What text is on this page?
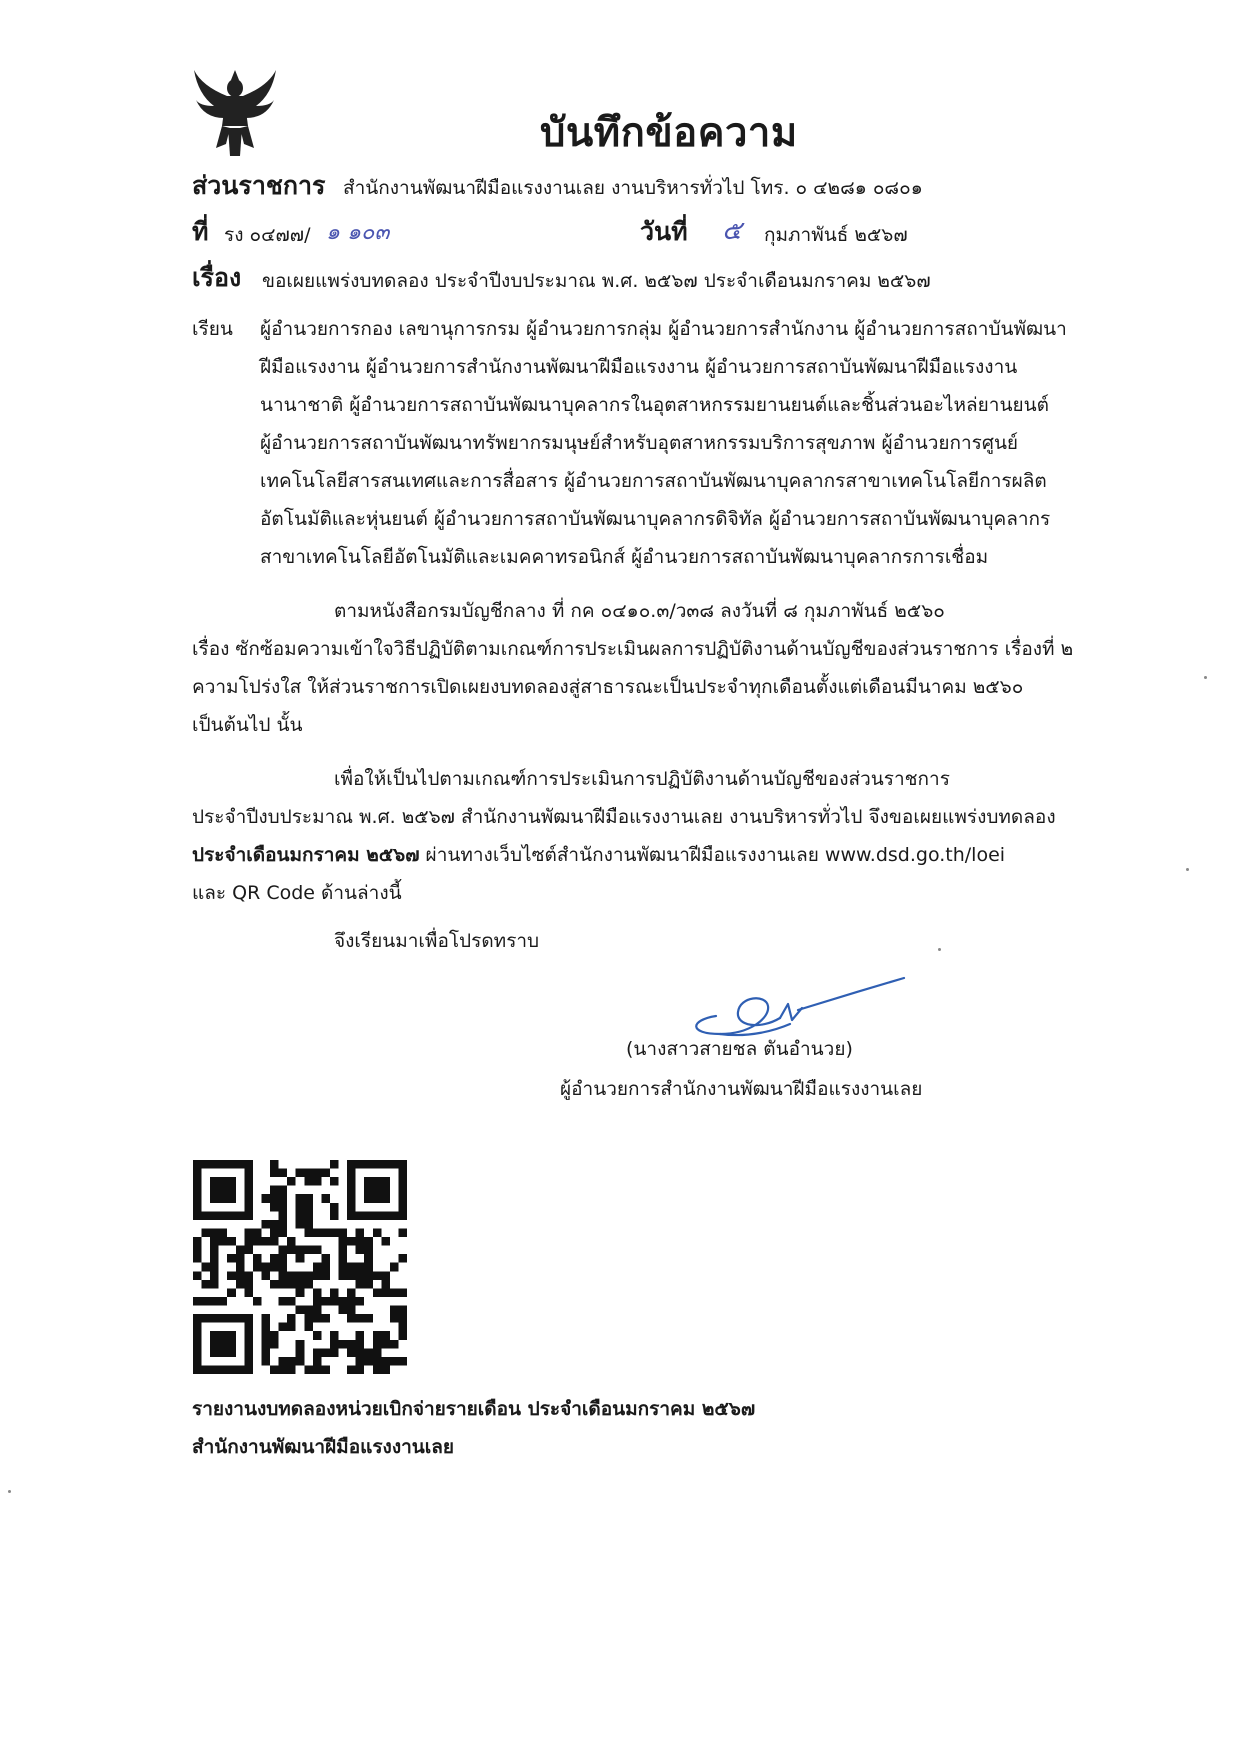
บันทึกข้อความ
ส่วนราชการ สำนักงานพัฒนาฝีมือแรงงานเลย งานบริหารทั่วไป โทร. ๐ ๔๒๘๑ ๐๘๐๑
ที่ รง ๐๔๗๗/ ๑ ๑๐๓	วันที่ ๕ กุมภาพันธ์ ๒๕๖๗
เรื่อง ขอเผยแพร่งบทดลอง ประจำปีงบประมาณ พ.ศ. ๒๕๖๗ ประจำเดือนมกราคม ๒๕๖๗
เรียน ผู้อำนวยการกอง เลขานุการกรม ผู้อำนวยการกลุ่ม ผู้อำนวยการสำนักงาน ผู้อำนวยการสถาบันพัฒนา
ฝีมือแรงงาน ผู้อำนวยการสำนักงานพัฒนาฝีมือแรงงาน ผู้อำนวยการสถาบันพัฒนาฝีมือแรงงาน
นานาชาติ ผู้อำนวยการสถาบันพัฒนาบุคลากรในอุตสาหกรรมยานยนต์และชิ้นส่วนอะไหล่ยานยนต์
ผู้อำนวยการสถาบันพัฒนาทรัพยากรมนุษย์สำหรับอุตสาหกรรมบริการสุขภาพ ผู้อำนวยการศูนย์
เทคโนโลยีสารสนเทศและการสื่อสาร ผู้อำนวยการสถาบันพัฒนาบุคลากรสาขาเทคโนโลยีการผลิต
อัตโนมัติและหุ่นยนต์ ผู้อำนวยการสถาบันพัฒนาบุคลากรดิจิทัล ผู้อำนวยการสถาบันพัฒนาบุคลากร
สาขาเทคโนโลยีอัตโนมัติและเมคคาทรอนิกส์ ผู้อำนวยการสถาบันพัฒนาบุคลากรการเชื่อม
ตามหนังสือกรมบัญชีกลาง ที่ กค ๐๔๑๐.๓/ว๓๘ ลงวันที่ ๘ กุมภาพันธ์ ๒๕๖๐
เรื่อง ซักซ้อมความเข้าใจวิธีปฏิบัติตามเกณฑ์การประเมินผลการปฏิบัติงานด้านบัญชีของส่วนราชการ เรื่องที่ ๒
ความโปร่งใส ให้ส่วนราชการเปิดเผยงบทดลองสู่สาธารณะเป็นประจำทุกเดือนตั้งแต่เดือนมีนาคม ๒๕๖๐
เป็นต้นไป นั้น
เพื่อให้เป็นไปตามเกณฑ์การประเมินการปฏิบัติงานด้านบัญชีของส่วนราชการ
ประจำปีงบประมาณ พ.ศ. ๒๕๖๗ สำนักงานพัฒนาฝีมือแรงงานเลย งานบริหารทั่วไป จึงขอเผยแพร่งบทดลอง
ประจำเดือนมกราคม ๒๕๖๗ ผ่านทางเว็บไซต์สำนักงานพัฒนาฝีมือแรงงานเลย www.dsd.go.th/loei
และ QR Code ด้านล่างนี้
จึงเรียนมาเพื่อโปรดทราบ
(นางสาวสายชล ตันอำนวย)
ผู้อำนวยการสำนักงานพัฒนาฝีมือแรงงานเลย
รายงานงบทดลองหน่วยเบิกจ่ายรายเดือน ประจำเดือนมกราคม ๒๕๖๗
สำนักงานพัฒนาฝีมือแรงงานเลย
